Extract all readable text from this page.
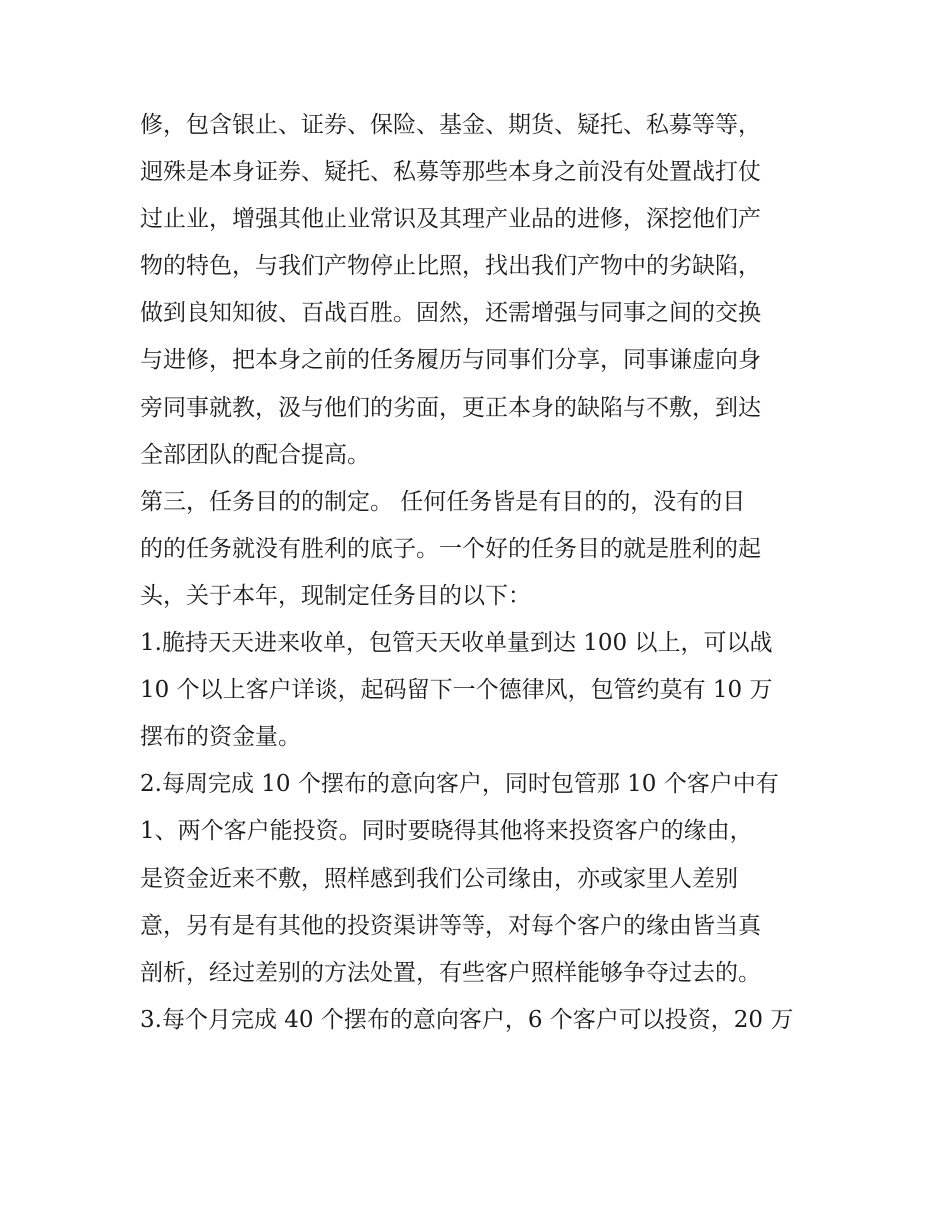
修，包含银止、证券、保险、基金、期货、疑托、私募等等，
迥殊是本身证券、疑托、私募等那些本身之前没有处置战打仗
过止业，增强其他止业常识及其理产业品的进修，深挖他们产
物的特色，与我们产物停止比照，找出我们产物中的劣缺陷，
做到良知知彼、百战百胜。固然，还需增强与同事之间的交换
与进修，把本身之前的任务履历与同事们分享，同事谦虚向身
旁同事就教，汲与他们的劣面，更正本身的缺陷与不敷，到达
全部团队的配合提高。
第三，任务目的的制定。 任何任务皆是有目的的，没有的目
的的任务就没有胜利的底子。一个好的任务目的就是胜利的起
头，关于本年，现制定任务目的以下：
1.脆持天天进来收单，包管天天收单量到达 100 以上，可以战
10 个以上客户详谈，起码留下一个德律风，包管约莫有 10 万
摆布的资金量。
2.每周完成 10 个摆布的意向客户，同时包管那 10 个客户中有
1、两个客户能投资。同时要晓得其他将来投资客户的缘由，
是资金近来不敷，照样感到我们公司缘由，亦或家里人差别
意，另有是有其他的投资渠讲等等，对每个客户的缘由皆当真
剖析，经过差别的方法处置，有些客户照样能够争夺过去的。
3.每个月完成 40 个摆布的意向客户，6 个客户可以投资，20 万
